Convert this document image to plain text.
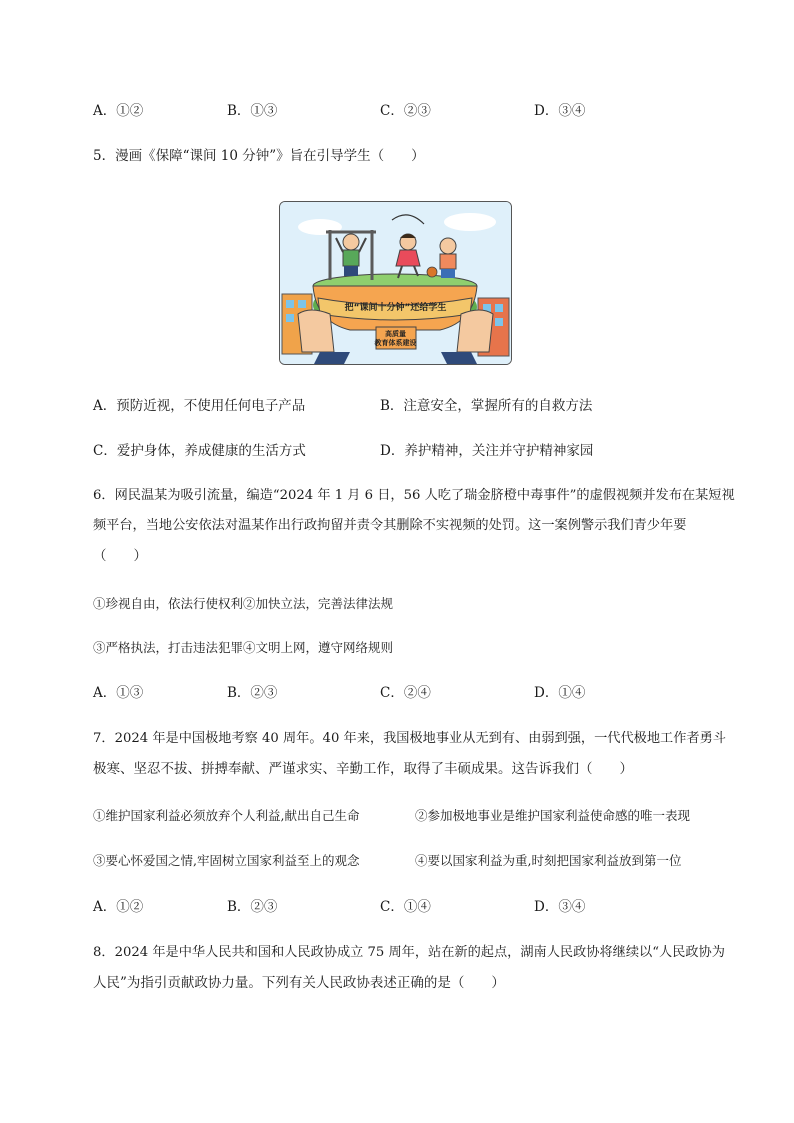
A．①②	B．①③	C．②③	D．③④
5．漫画《保障“课间 10 分钟”》旨在引导学生（　　）
把“课间十分钟”还给学生
高质量
教育体系建设
A．预防近视，不使用任何电子产品	B．注意安全，掌握所有的自救方法
C．爱护身体，养成健康的生活方式	D．养护精神，关注并守护精神家园
6．网民温某为吸引流量，编造“2024 年 1 月 6 日，56 人吃了瑞金脐橙中毒事件”的虚假视频并发布在某短视
频平台，当地公安依法对温某作出行政拘留并责令其删除不实视频的处罚。这一案例警示我们青少年要
（　　）
①珍视自由，依法行使权利②加快立法，完善法律法规
③严格执法，打击违法犯罪④文明上网，遵守网络规则
A．①③	B．②③	C．②④	D．①④
7．2024 年是中国极地考察 40 周年。40 年来，我国极地事业从无到有、由弱到强，一代代极地工作者勇斗
极寒、坚忍不拔、拼搏奉献、严谨求实、辛勤工作，取得了丰硕成果。这告诉我们（　　）
①维护国家利益必须放弃个人利益,献出自己生命	②参加极地事业是维护国家利益使命感的唯一表现
③要心怀爱国之情,牢固树立国家利益至上的观念	④要以国家利益为重,时刻把国家利益放到第一位
A．①②	B．②③	C．①④	D．③④
8．2024 年是中华人民共和国和人民政协成立 75 周年，站在新的起点，湖南人民政协将继续以“人民政协为
人民”为指引贡献政协力量。下列有关人民政协表述正确的是（　　）
